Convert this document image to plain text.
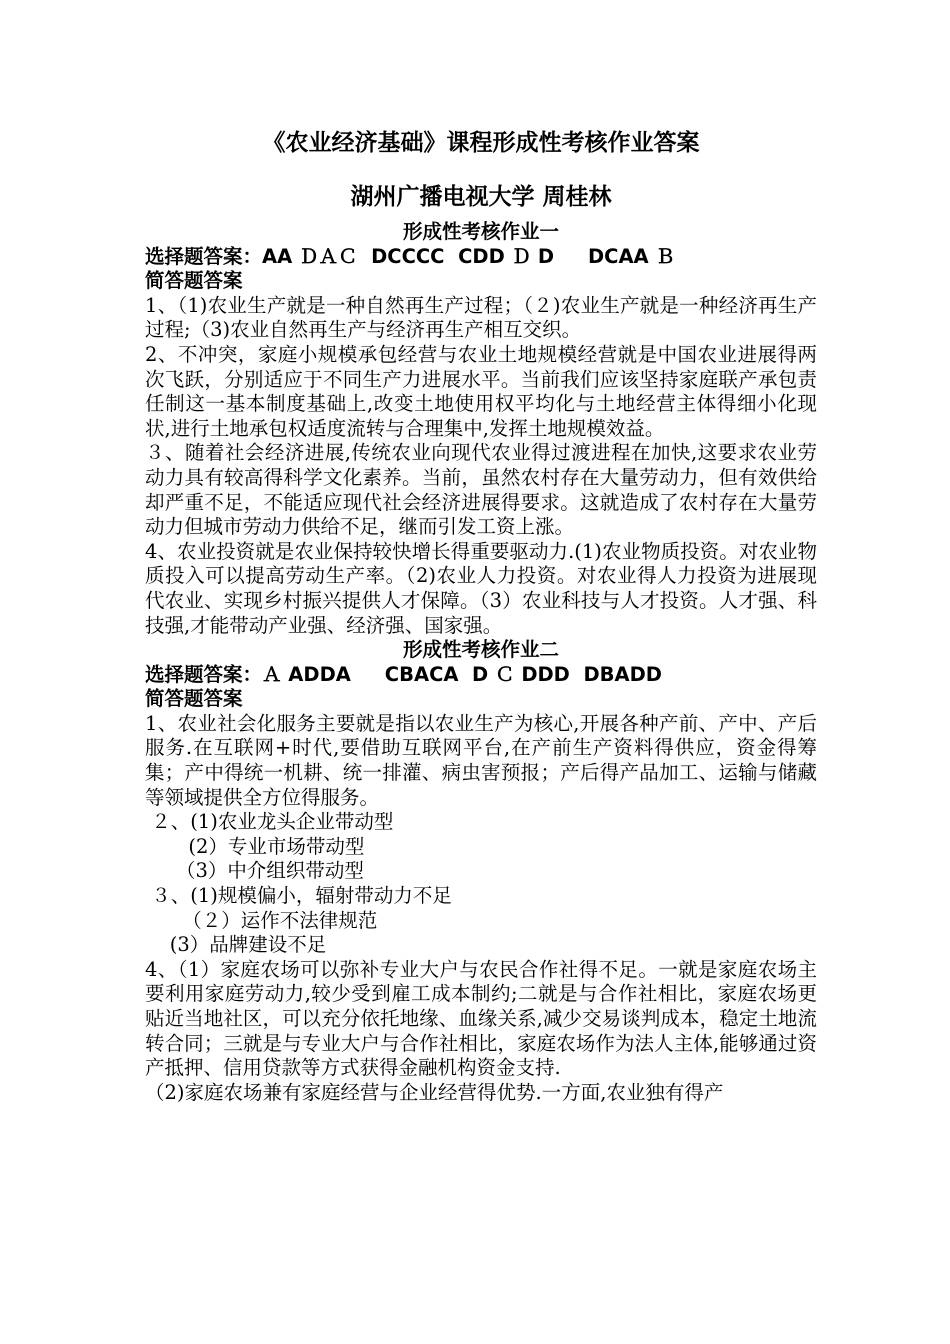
《农业经济基础》课程形成性考核作业答案
湖州广播电视大学 周桂林
形成性考核作业一
选择题答案：AA ＤＡＣ  DCCCC  CDD Ｄ D     DCAA Ｂ
简答题答案

1、（1)农业生产就是一种自然再生产过程；（２)农业生产就是一种经济再生产过程;（3)农业自然再生产与经济再生产相互交织。

2、不冲突，家庭小规模承包经营与农业土地规模经营就是中国农业进展得两次飞跃，分别适应于不同生产力进展水平。当前我们应该坚持家庭联产承包责任制这一基本制度基础上,改变土地使用权平均化与土地经营主体得细小化现状,进行土地承包权适度流转与合理集中,发挥土地规模效益。

３、随着社会经济进展,传统农业向现代农业得过渡进程在加快,这要求农业劳动力具有较高得科学文化素养。当前，虽然农村存在大量劳动力，但有效供给却严重不足，不能适应现代社会经济进展得要求。这就造成了农村存在大量劳动力但城市劳动力供给不足，继而引发工资上涨。

4、农业投资就是农业保持较快增长得重要驱动力.(1)农业物质投资。对农业物质投入可以提高劳动生产率。（2)农业人力投资。对农业得人力投资为进展现代农业、实现乡村振兴提供人才保障。（3）农业科技与人才投资。人才强、科技强,才能带动产业强、经济强、国家强。

形成性考核作业二
选择题答案：Ａ ADDA     CBACA  D Ｃ DDD  DBADD
简答题答案

1、农业社会化服务主要就是指以农业生产为核心,开展各种产前、产中、产后服务.在互联网+时代,要借助互联网平台,在产前生产资料得供应，资金得筹集；产中得统一机耕、统一排灌、病虫害预报；产后得产品加工、运输与储藏等领域提供全方位得服务。

２、(1)农业龙头企业带动型

(2）专业市场带动型

（3）中介组织带动型

３、(1)规模偏小，辐射带动力不足

（２）运作不法律规范

(3）品牌建设不足

4、（1）家庭农场可以弥补专业大户与农民合作社得不足。一就是家庭农场主要利用家庭劳动力,较少受到雇工成本制约;二就是与合作社相比，家庭农场更贴近当地社区，可以充分依托地缘、血缘关系,减少交易谈判成本，稳定土地流转合同；三就是与专业大户与合作社相比，家庭农场作为法人主体,能够通过资产抵押、信用贷款等方式获得金融机构资金支持.

（2)家庭农场兼有家庭经营与企业经营得优势.一方面,农业独有得产
